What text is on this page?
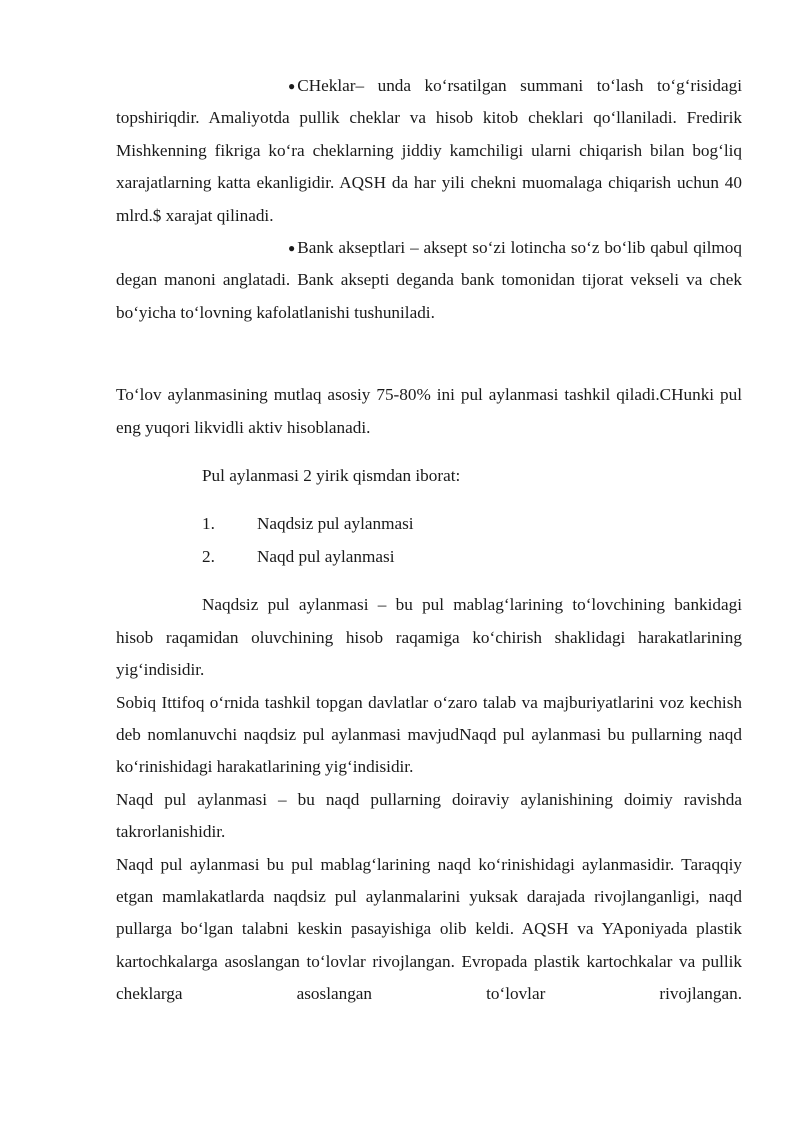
● CHeklar– unda ko‘rsatilgan summani to‘lash to‘g‘risidagi topshiriqdir. Amaliyotda pullik cheklar va hisob kitob cheklari qo‘llaniladi. Fredirik Mishkenning fikriga ko‘ra cheklarning jiddiy kamchiligi ularni chiqarish bilan bog‘liq xarajatlarning katta ekanligidir. AQSH da har yili chekni muomalaga chiqarish uchun 40 mlrd.$ xarajat qilinadi.

● Bank akseptlari – aksept so‘zi lotincha so‘z bo‘lib qabul qilmoq degan manoni anglatadi. Bank aksepti deganda bank tomonidan tijorat vekseli va chek bo‘yicha to‘lovning kafolatlanishi tushuniladi.

To‘lov aylanmasining mutlaq asosiy 75-80% ini pul aylanmasi tashkil qiladi.CHunki pul eng yuqori likvidli aktiv hisoblanadi.

Pul aylanmasi 2 yirik qismdan iborat:

1.	Naqdsiz pul aylanmasi
2.	Naqd pul aylanmasi

Naqdsiz pul aylanmasi – bu pul mablag‘larining to‘lovchining bankidagi hisob raqamidan oluvchining hisob raqamiga ko‘chirish shaklidagi harakatlarining yig‘indisidir.

Sobiq Ittifoq o‘rnida tashkil topgan davlatlar o‘zaro talab va majburiyatlarini voz kechish deb nomlanuvchi naqdsiz pul aylanmasi mavjudNaqd pul aylanmasi bu pullarning naqd ko‘rinishidagi harakatlarining yig‘indisidir.

Naqd pul aylanmasi – bu naqd pullarning doiraviy aylanishining doimiy ravishda takrorlanishidir.

Naqd pul aylanmasi bu pul mablag‘larining naqd ko‘rinishidagi aylanmasidir. Taraqqiy etgan mamlakatlarda naqdsiz pul aylanmalarini yuksak darajada rivojlanganligi, naqd pullarga bo‘lgan talabni keskin pasayishiga olib keldi. AQSH va YAponiyada plastik kartochkalarga asoslangan to‘lovlar rivojlangan. Evropada plastik kartochkalar va pullik cheklarga asoslangan to‘lovlar rivojlangan.
